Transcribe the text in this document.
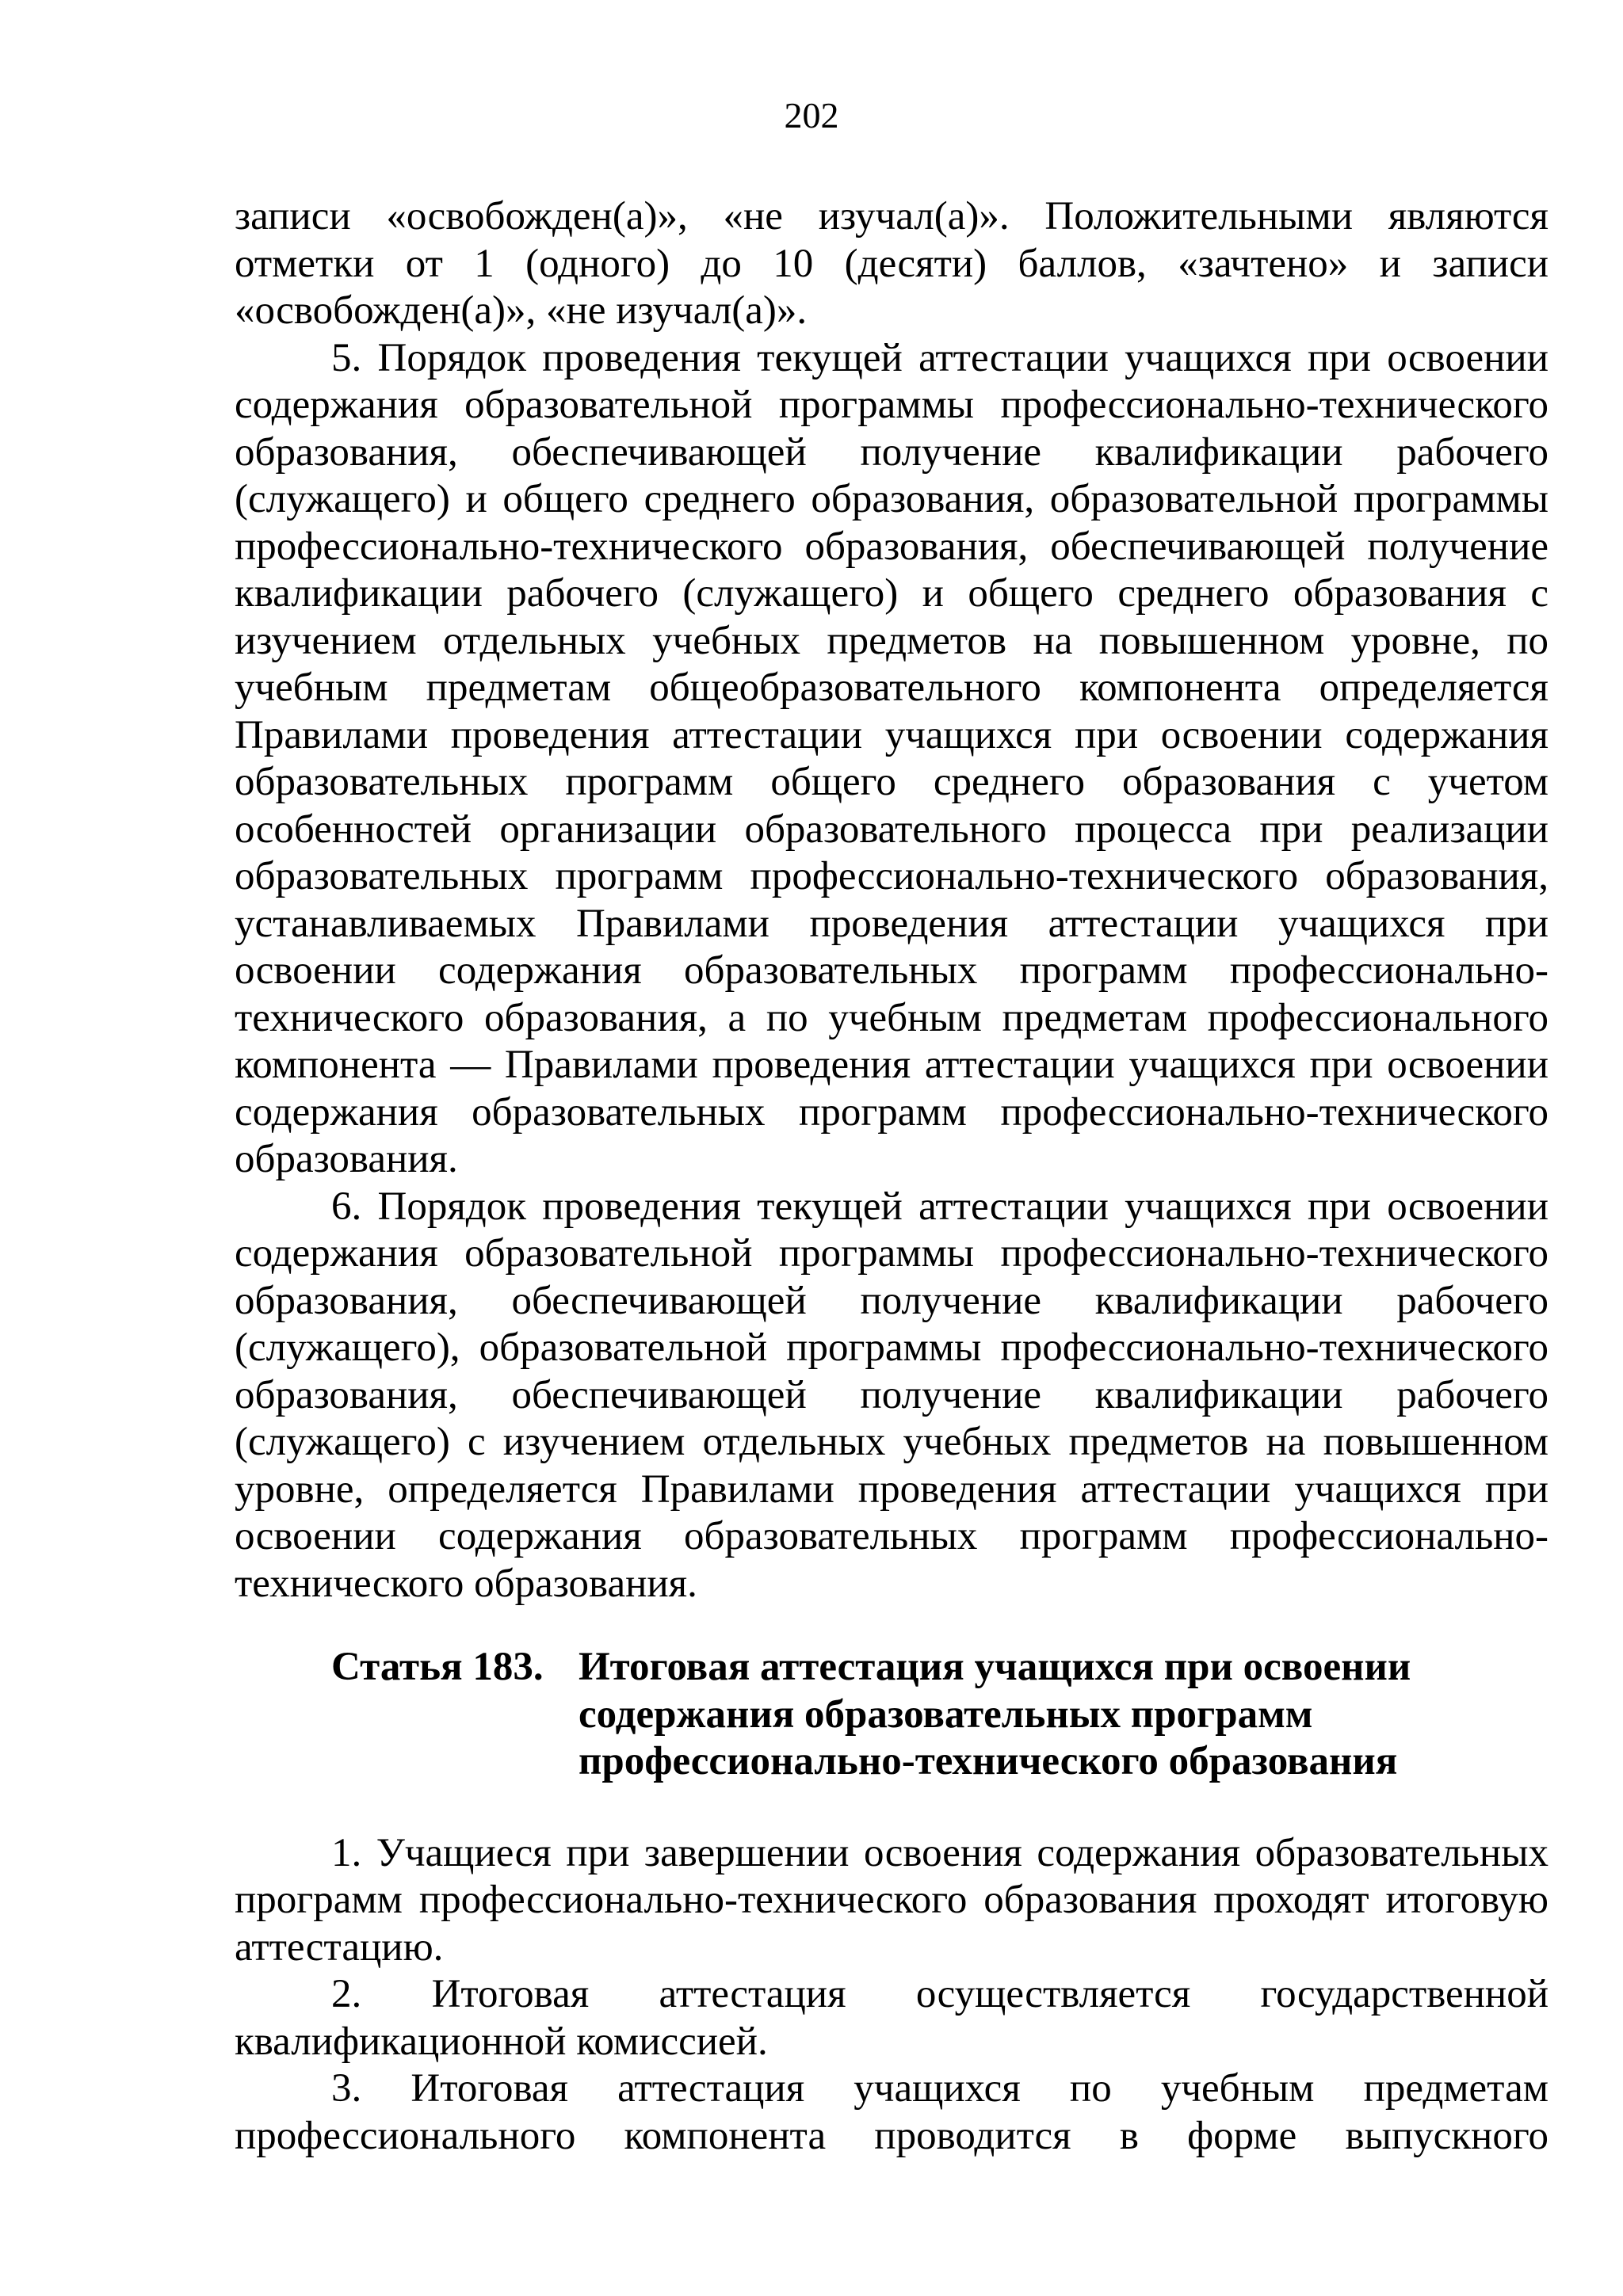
202

записи «освобожден(а)», «не изучал(а)». Положительными являются отметки от 1 (одного) до 10 (десяти) баллов, «зачтено» и записи «освобожден(а)», «не изучал(а)».

5. Порядок проведения текущей аттестации учащихся при освоении содержания образовательной программы профессионально-технического образования, обеспечивающей получение квалификации рабочего (служащего) и общего среднего образования, образовательной программы профессионально-технического образования, обеспечивающей получение квалификации рабочего (служащего) и общего среднего образования с изучением отдельных учебных предметов на повышенном уровне, по учебным предметам общеобразовательного компонента определяется Правилами проведения аттестации учащихся при освоении содержания образовательных программ общего среднего образования с учетом особенностей организации образовательного процесса при реализации образовательных программ профессионально-технического образования, устанавливаемых Правилами проведения аттестации учащихся при освоении содержания образовательных программ профессионально-технического образования, а по учебным предметам профессионального компонента — Правилами проведения аттестации учащихся при освоении содержания образовательных программ профессионально-технического образования.

6. Порядок проведения текущей аттестации учащихся при освоении содержания образовательной программы профессионально-технического образования, обеспечивающей получение квалификации рабочего (служащего), образовательной программы профессионально-технического образования, обеспечивающей получение квалификации рабочего (служащего) с изучением отдельных учебных предметов на повышенном уровне, определяется Правилами проведения аттестации учащихся при освоении содержания образовательных программ профессионально-технического образования.

Статья 183. Итоговая аттестация учащихся при освоении
содержания образовательных программ
профессионально-технического образования

1. Учащиеся при завершении освоения содержания образовательных программ профессионально-технического образования проходят итоговую аттестацию.

2. Итоговая аттестация осуществляется государственной квалификационной комиссией.

3. Итоговая аттестация учащихся по учебным предметам профессионального компонента проводится в форме выпускного
